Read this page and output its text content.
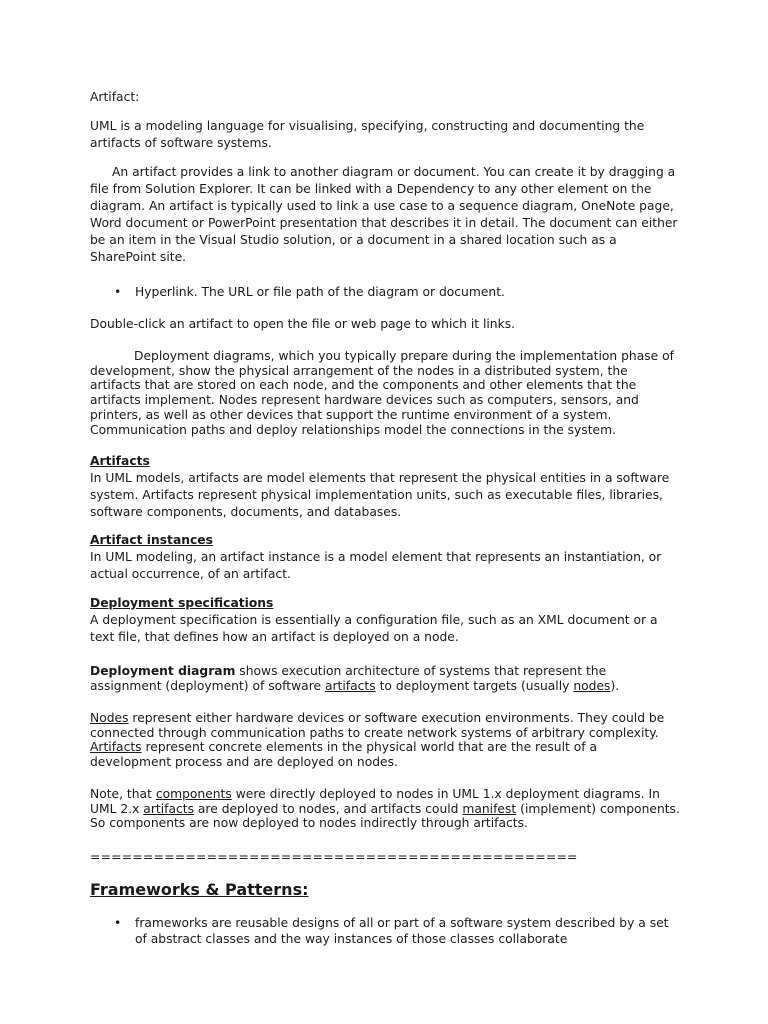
Artifact:

UML is a modeling language for visualising, specifying, constructing and documenting the artifacts of software systems.

An artifact provides a link to another diagram or document. You can create it by dragging a file from Solution Explorer. It can be linked with a Dependency to any other element on the diagram. An artifact is typically used to link a use case to a sequence diagram, OneNote page, Word document or PowerPoint presentation that describes it in detail. The document can either be an item in the Visual Studio solution, or a document in a shared location such as a SharePoint site.

•	Hyperlink. The URL or file path of the diagram or document.

Double-click an artifact to open the file or web page to which it links.

Deployment diagrams, which you typically prepare during the implementation phase of development, show the physical arrangement of the nodes in a distributed system, the artifacts that are stored on each node, and the components and other elements that the artifacts implement. Nodes represent hardware devices such as computers, sensors, and printers, as well as other devices that support the runtime environment of a system. Communication paths and deploy relationships model the connections in the system.

Artifacts
In UML models, artifacts are model elements that represent the physical entities in a software system. Artifacts represent physical implementation units, such as executable files, libraries, software components, documents, and databases.

Artifact instances
In UML modeling, an artifact instance is a model element that represents an instantiation, or actual occurrence, of an artifact.

Deployment specifications
A deployment specification is essentially a configuration file, such as an XML document or a text file, that defines how an artifact is deployed on a node.

Deployment diagram shows execution architecture of systems that represent the assignment (deployment) of software artifacts to deployment targets (usually nodes).

Nodes represent either hardware devices or software execution environments. They could be connected through communication paths to create network systems of arbitrary complexity. Artifacts represent concrete elements in the physical world that are the result of a development process and are deployed on nodes.

Note, that components were directly deployed to nodes in UML 1.x deployment diagrams. In UML 2.x artifacts are deployed to nodes, and artifacts could manifest (implement) components. So components are now deployed to nodes indirectly through artifacts.

==============================================

Frameworks & Patterns:

•	frameworks are reusable designs of all or part of a software system described by a set of abstract classes and the way instances of those classes collaborate
